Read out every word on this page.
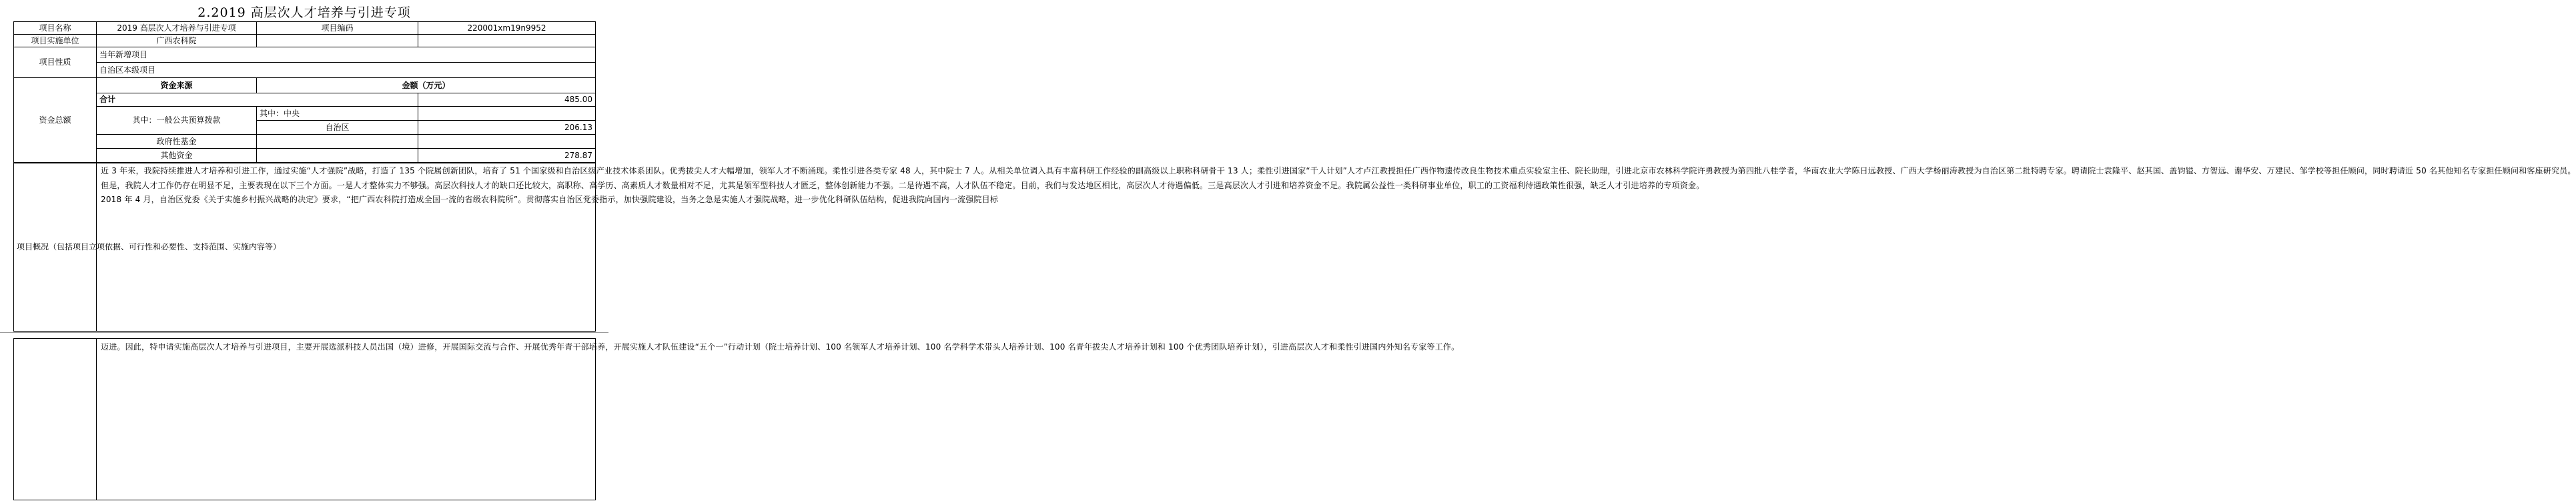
2.2019 高层次人才培养与引进专项
项目名称	2019 高层次人才培养与引进专项	项目编码	220001xm19n9952
项目实施单位	广西农科院		
项目性质	当年新增项目
自治区本级项目
资金总额	资金来源	金额（万元）	
	合计		485.00
	其中：一般公共预算拨款	其中：中央	
		自治区	206.13
	政府性基金		
	其他资金		278.87
项目概况（包括项目立项依据、可行性和必要性、支持范围、实施内容等）	
近 3 年来，我院持续推进人才培养和引进工作，通过实施“人才强院”战略，打造了 135 个院属创新团队，培育了 51 个国家级和自治区级产业技术体系团队。优秀拔尖人才大幅增加，领军人才不断涌现。柔性引进各类专家 48 人，其中院士 7 人。从相关单位调入具有丰富科研工作经验的副高级以上职称科研骨干 13 人；柔性引进国家“千人计划”人才卢江教授担任广西作物遗传改良生物技术重点实验室主任、院长助理，引进北京市农林科学院许勇教授为第四批八桂学者，华南农业大学陈日远教授、广西大学杨丽涛教授为自治区第二批特聘专家。聘请院士袁隆平、赵其国、盖钧镒、方智远、谢华安、万建民、邹学校等担任顾问，同时聘请近 50 名其他知名专家担任顾问和客座研究员。
但是，我院人才工作仍存在明显不足，主要表现在以下三个方面。一是人才整体实力不够强。高层次科技人才的缺口还比较大，高职称、高学历、高素质人才数量相对不足，尤其是领军型科技人才匮乏，整体创新能力不强。二是待遇不高，人才队伍不稳定。目前，我们与发达地区相比，高层次人才待遇偏低。三是高层次人才引进和培养资金不足。我院属公益性一类科研事业单位，职工的工资福利待遇政策性很强，缺乏人才引进培养的专项资金。
2018 年 4 月，自治区党委《关于实施乡村振兴战略的决定》要求，“把广西农科院打造成全国一流的省级农科院所”。贯彻落实自治区党委指示，加快强院建设，当务之急是实施人才强院战略，进一步优化科研队伍结构，促进我院向国内一流强院目标

迈进。因此，特申请实施高层次人才培养与引进项目，主要开展选派科技人员出国（境）进修，开展国际交流与合作、开展优秀年青干部培养，开展实施人才队伍建设“五个一”行动计划（院士培养计划、100 名领军人才培养计划、100 名学科学术带头人培养计划、100 名青年拔尖人才培养计划和 100 个优秀团队培养计划），引进高层次人才和柔性引进国内外知名专家等工作。
